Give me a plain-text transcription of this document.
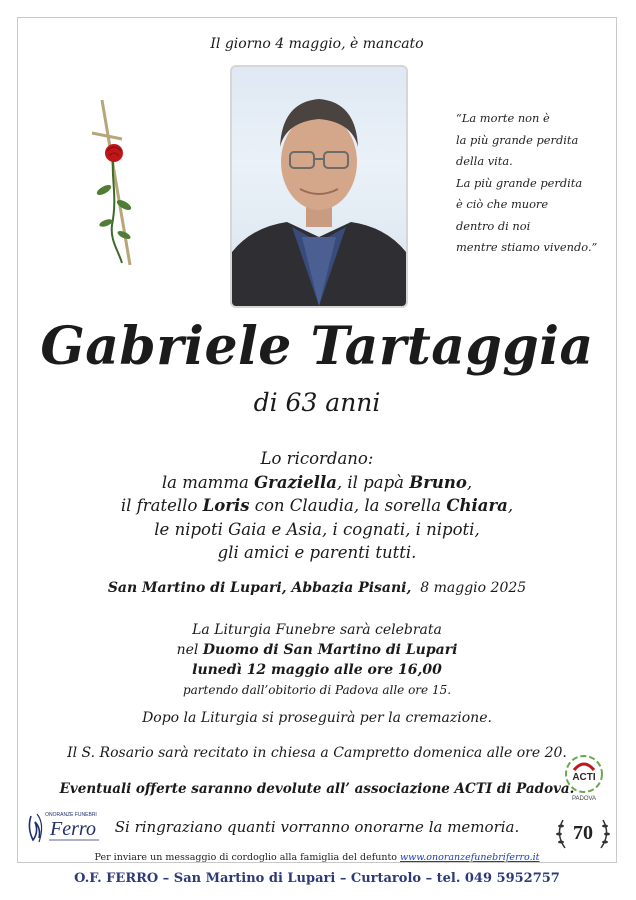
Il giorno 4 maggio, è mancato
“La morte non è
la più grande perdita
della vita.
La più grande perdita
è ciò che muore
dentro di noi
mentre stiamo vivendo.”
Gabriele Tartaggia
di 63 anni
Lo ricordano:
la mamma Graziella, il papà Bruno,
il fratello Loris con Claudia, la sorella Chiara,
le nipoti Gaia e Asia, i cognati, i nipoti,
gli amici e parenti tutti.
San Martino di Lupari, Abbazia Pisani, 8 maggio 2025
La Liturgia Funebre sarà celebrata
nel Duomo di San Martino di Lupari
lunedì 12 maggio alle ore 16,00
partendo dall’obitorio di Padova alle ore 15.
Dopo la Liturgia si proseguirà per la cremazione.
Il S. Rosario sarà recitato in chiesa a Campretto domenica alle ore 20.
Eventuali offerte saranno devolute all’ associazione ACTI di Padova.
Si ringraziano quanti vorranno onorarne la memoria.
ACTI
PADOVA
ONORANZE FUNEBRI
Ferro	70
Per inviare un messaggio di cordoglio alla famiglia del defunto www.onoranzefunebriferro.it
O.F. FERRO – San Martino di Lupari – Curtarolo – tel. 049 5952757
